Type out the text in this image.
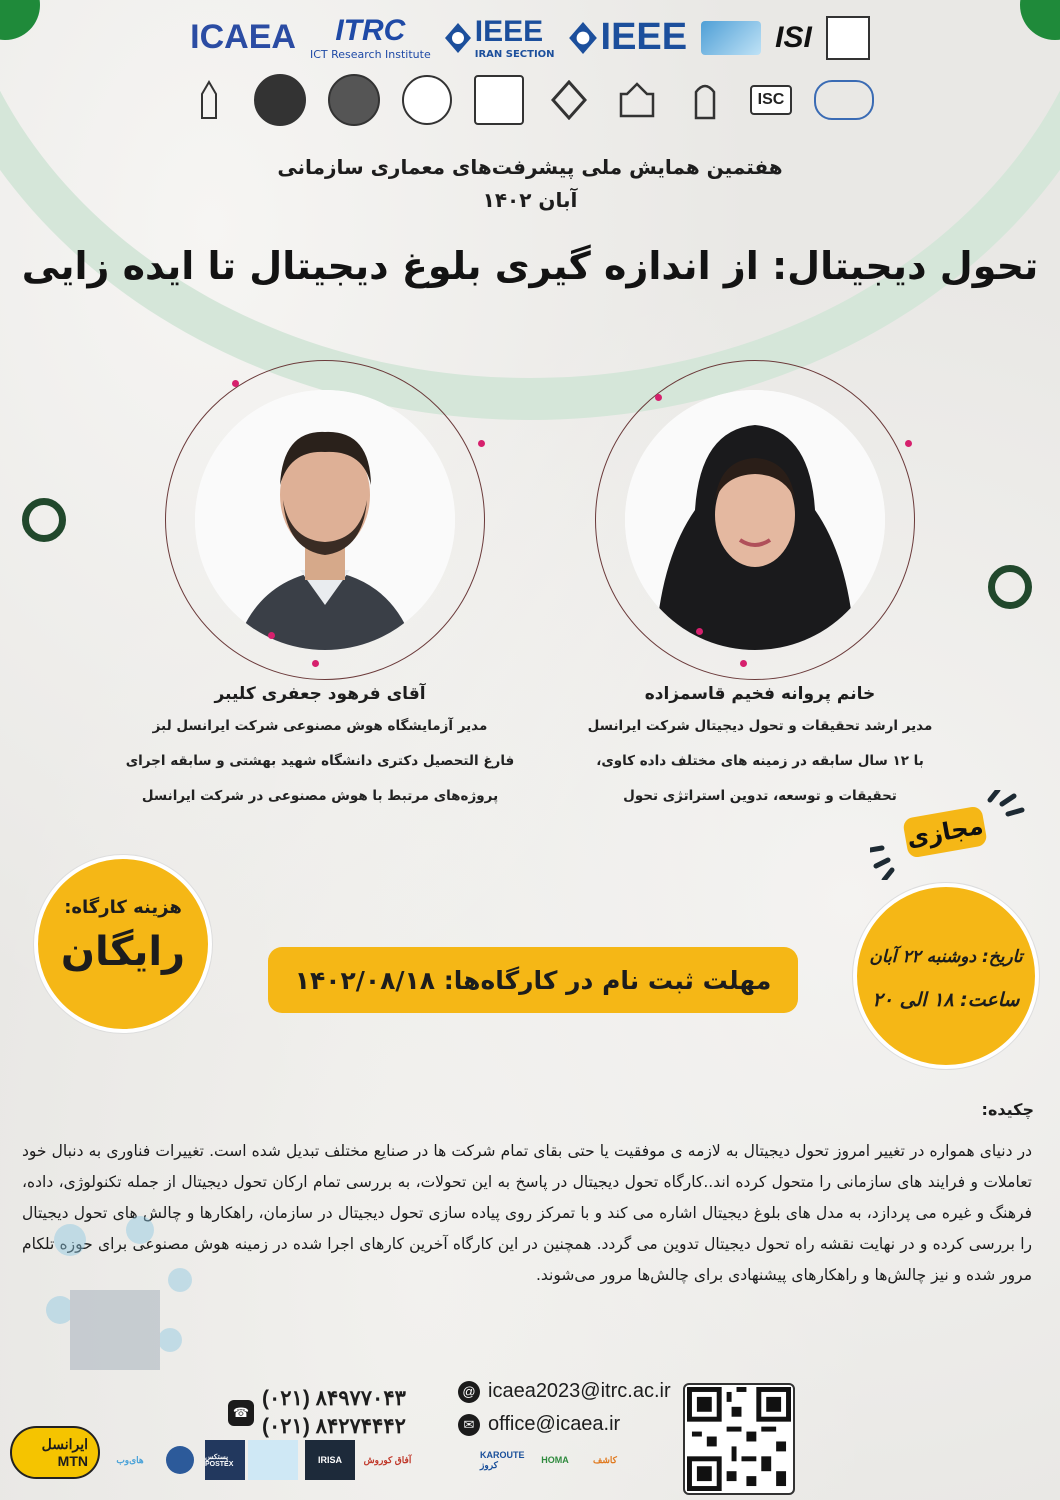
ICAEA ITRC
ICT Research Institute
IEEE
IRAN SECTION IEEE	ISI
ISC
هفتمین همایش ملی پیشرفت‌های معماری سازمانی
آبان ۱۴۰۲
تحول دیجیتال: از اندازه گیری بلوغ دیجیتال تا ایده زایی
آقای فرهود جعفری کلیبر
مدیر آزمایشگاه هوش مصنوعی شرکت ایرانسل لبز
فارغ التحصیل دکتری دانشگاه شهید بهشتی و سابقه اجرای
پروژه‌های مرتبط با هوش مصنوعی در شرکت ایرانسل
خانم پروانه فخیم قاسمزاده
مدیر ارشد تحقیقات و تحول دیجیتال شرکت ایرانسل
با ۱۲ سال سابقه در زمینه های مختلف داده کاوی،
تحقیقات و توسعه، تدوین استراتژی تحول
مجازی
هزینه کارگاه:
رایگان	تاریخ: دوشنبه ۲۲ آبان
ساعت: ۱۸ الی ۲۰
مهلت ثبت نام در کارگاه‌ها: ۱۴۰۲/۰۸/۱۸
چکیده:
در دنیای همواره در تغییر امروز تحول دیجیتال به لازمه ی موفقیت یا حتی بقای تمام شرکت ها در صنایع مختلف تبدیل شده است. تغییرات فناوری به دنبال خود تعاملات و فرایند های سازمانی را متحول کرده اند..کارگاه تحول دیجیتال در پاسخ به این تحولات، به بررسی تمام ارکان تحول دیجیتال از جمله تکنولوژی، داده، فرهنگ و غیره می پردازد، به مدل های بلوغ دیجیتال اشاره می کند و با تمرکز روی پیاده سازی تحول دیجیتال در سازمان، راهکارها و چالش های تحول دیجیتال را بررسی کرده و در نهایت نقشه راه تحول دیجیتال تدوین می گردد. همچنین در این کارگاه آخرین کارهای اجرا شده در زمینه هوش مصنوعی برای حوزه تلکام مرور شده و نیز چالش‌ها و راهکارهای پیشنهادی برای چالش‌ها مرور می‌شوند.
☎
(۰۲۱) ۸۴۹۷۷۰۴۳
(۰۲۱) ۸۴۲۷۴۴۴۲
@ icaea2023@itrc.ac.ir
✉ office@icaea.ir
ایرانسل MTN	های‌وب	پستکس POSTEX	IRISA	آفاق کوروش	KAROUTE کروز	HOMA	کاشف
